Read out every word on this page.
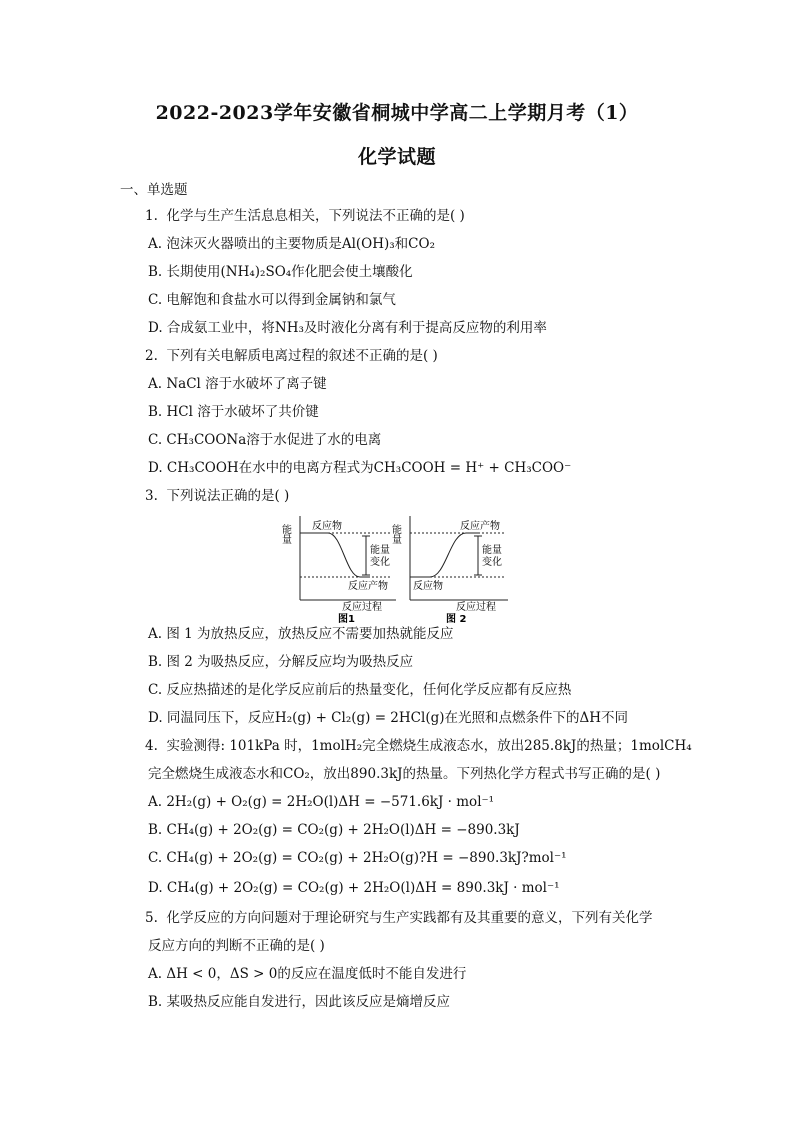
2022-2023学年安徽省桐城中学高二上学期月考（1）
化学试题
一、单选题
1. 化学与生产生活息息相关，下列说法不正确的是( )
A. 泡沫灭火器喷出的主要物质是Al(OH)₃和CO₂
B. 长期使用(NH₄)₂SO₄作化肥会使土壤酸化
C. 电解饱和食盐水可以得到金属钠和氯气
D. 合成氨工业中，将NH₃及时液化分离有利于提高反应物的利用率
2. 下列有关电解质电离过程的叙述不正确的是( )
A. NaCl 溶于水破坏了离子键
B. HCl 溶于水破坏了共价键
C. CH₃COONa溶于水促进了水的电离
D. CH₃COOH在水中的电离方程式为CH₃COOH = H⁺ + CH₃COO⁻
3. 下列说法正确的是( )
能量 反应物
能量
变化
反应产物
反应过程
图1
能量	反应产物
能量
变化
反应物
反应过程
图 2
A. 图 1 为放热反应，放热反应不需要加热就能反应
B. 图 2 为吸热反应，分解反应均为吸热反应
C. 反应热描述的是化学反应前后的热量变化，任何化学反应都有反应热
D. 同温同压下，反应H₂(g) + Cl₂(g) = 2HCl(g)在光照和点燃条件下的ΔH不同
4. 实验测得: 101kPa 时，1molH₂完全燃烧生成液态水，放出285.8kJ的热量；1molCH₄
完全燃烧生成液态水和CO₂，放出890.3kJ的热量。下列热化学方程式书写正确的是( )
A. 2H₂(g) + O₂(g) = 2H₂O(l)ΔH = −571.6kJ · mol⁻¹
B. CH₄(g) + 2O₂(g) = CO₂(g) + 2H₂O(l)ΔH = −890.3kJ
C. CH₄(g) + 2O₂(g) = CO₂(g) + 2H₂O(g)?H = −890.3kJ?mol⁻¹
D. CH₄(g) + 2O₂(g) = CO₂(g) + 2H₂O(l)ΔH = 890.3kJ · mol⁻¹
5. 化学反应的方向问题对于理论研究与生产实践都有及其重要的意义，下列有关化学
反应方向的判断不正确的是( )
A. ΔH < 0，ΔS > 0的反应在温度低时不能自发进行
B. 某吸热反应能自发进行，因此该反应是熵增反应
